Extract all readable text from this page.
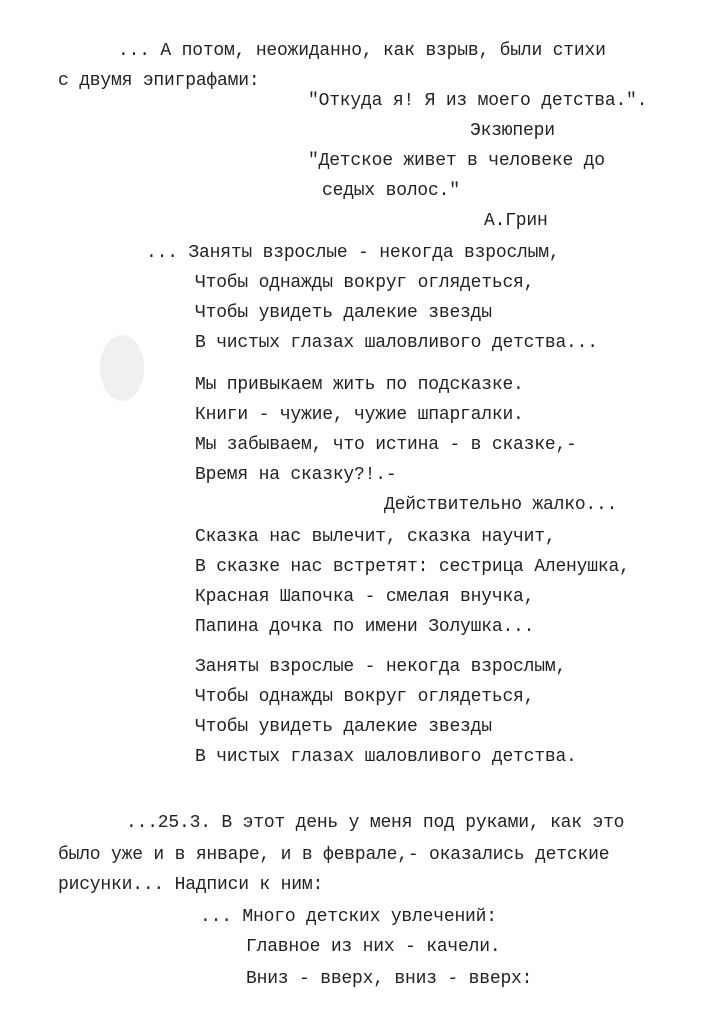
... А потом, неожиданно, как взрыв, были стихи
с двумя эпиграфами:
"Откуда я! Я из моего детства.".
Экзюпери
"Детское живет в человеке до
седых волос."
А.Грин
... Заняты взрослые - некогда взрослым,
Чтобы однажды вокруг оглядеться,
Чтобы увидеть далекие звезды
В чистых глазах шаловливого детства...
Мы привыкаем жить по подсказке.
Книги - чужие, чужие шпаргалки.
Мы забываем, что истина - в сказке,-
Время на сказку?!.-
Действительно жалко...
Сказка нас вылечит, сказка научит,
В сказке нас встретят: сестрица Аленушка,
Красная Шапочка - смелая внучка,
Папина дочка по имени Золушка...
Заняты взрослые - некогда взрослым,
Чтобы однажды вокруг оглядеться,
Чтобы увидеть далекие звезды
В чистых глазах шаловливого детства.
...25.3. В этот день у меня под руками, как это
было уже и в январе, и в феврале,- оказались детские
рисунки... Надписи к ним:
... Много детских увлечений:
Главное из них - качели.
Вниз - вверх, вниз - вверх:
